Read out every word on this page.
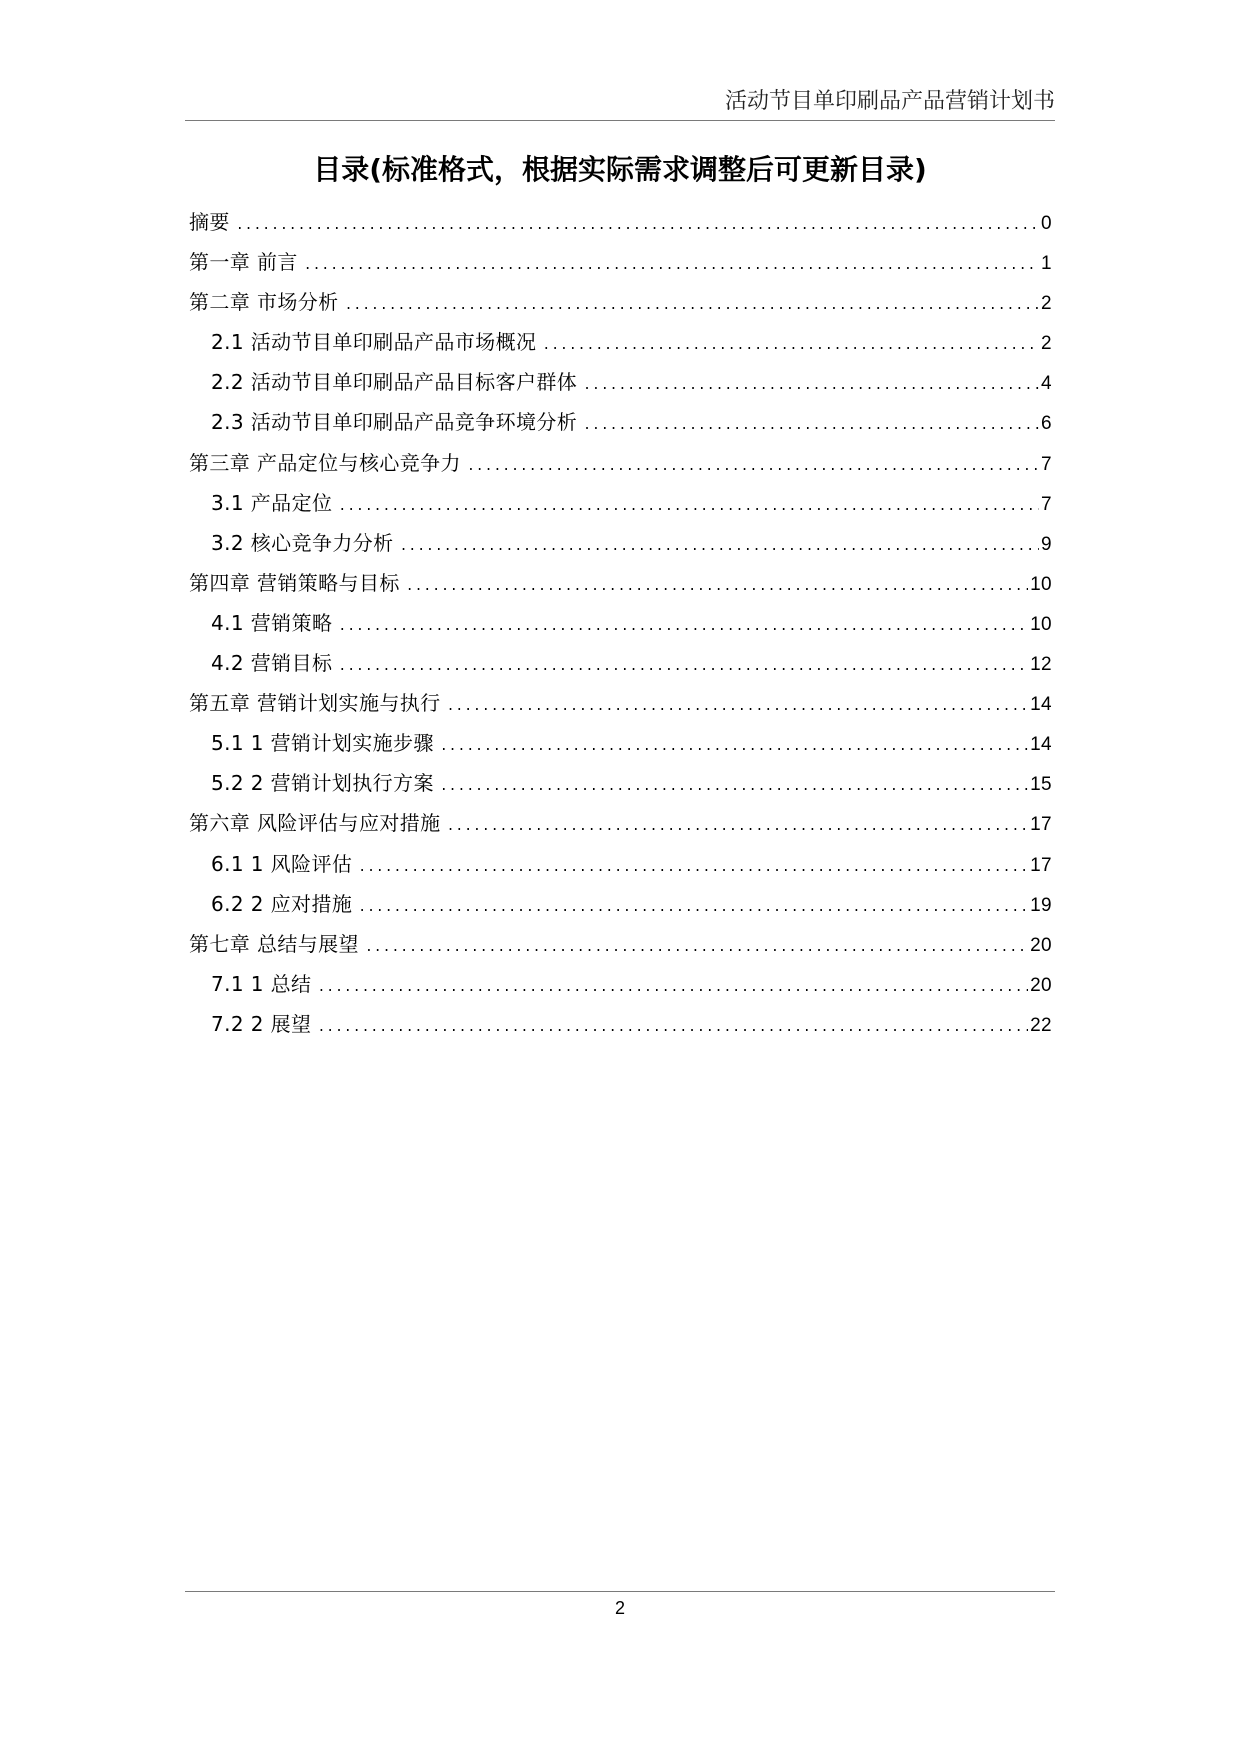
活动节目单印刷品产品营销计划书
目录(标准格式，根据实际需求调整后可更新目录)
摘要 .....	0
第一章 前言 .....	1
第二章 市场分析 .....	2
2.1 活动节目单印刷品产品市场概况 .....	2
2.2 活动节目单印刷品产品目标客户群体 .....	4
2.3 活动节目单印刷品产品竞争环境分析 .....	6
第三章 产品定位与核心竞争力 .....	7
3.1 产品定位 .....	7
3.2 核心竞争力分析 .....	9
第四章 营销策略与目标 .....	10
4.1 营销策略 .....	10
4.2 营销目标 .....	12
第五章 营销计划实施与执行 .....	14
5.1 1 营销计划实施步骤 .....	14
5.2 2 营销计划执行方案 .....	15
第六章 风险评估与应对措施 .....	17
6.1 1 风险评估 .....	17
6.2 2 应对措施 .....	19
第七章 总结与展望 .....	20
7.1 1 总结 .....	20
7.2 2 展望 .....	22
2
